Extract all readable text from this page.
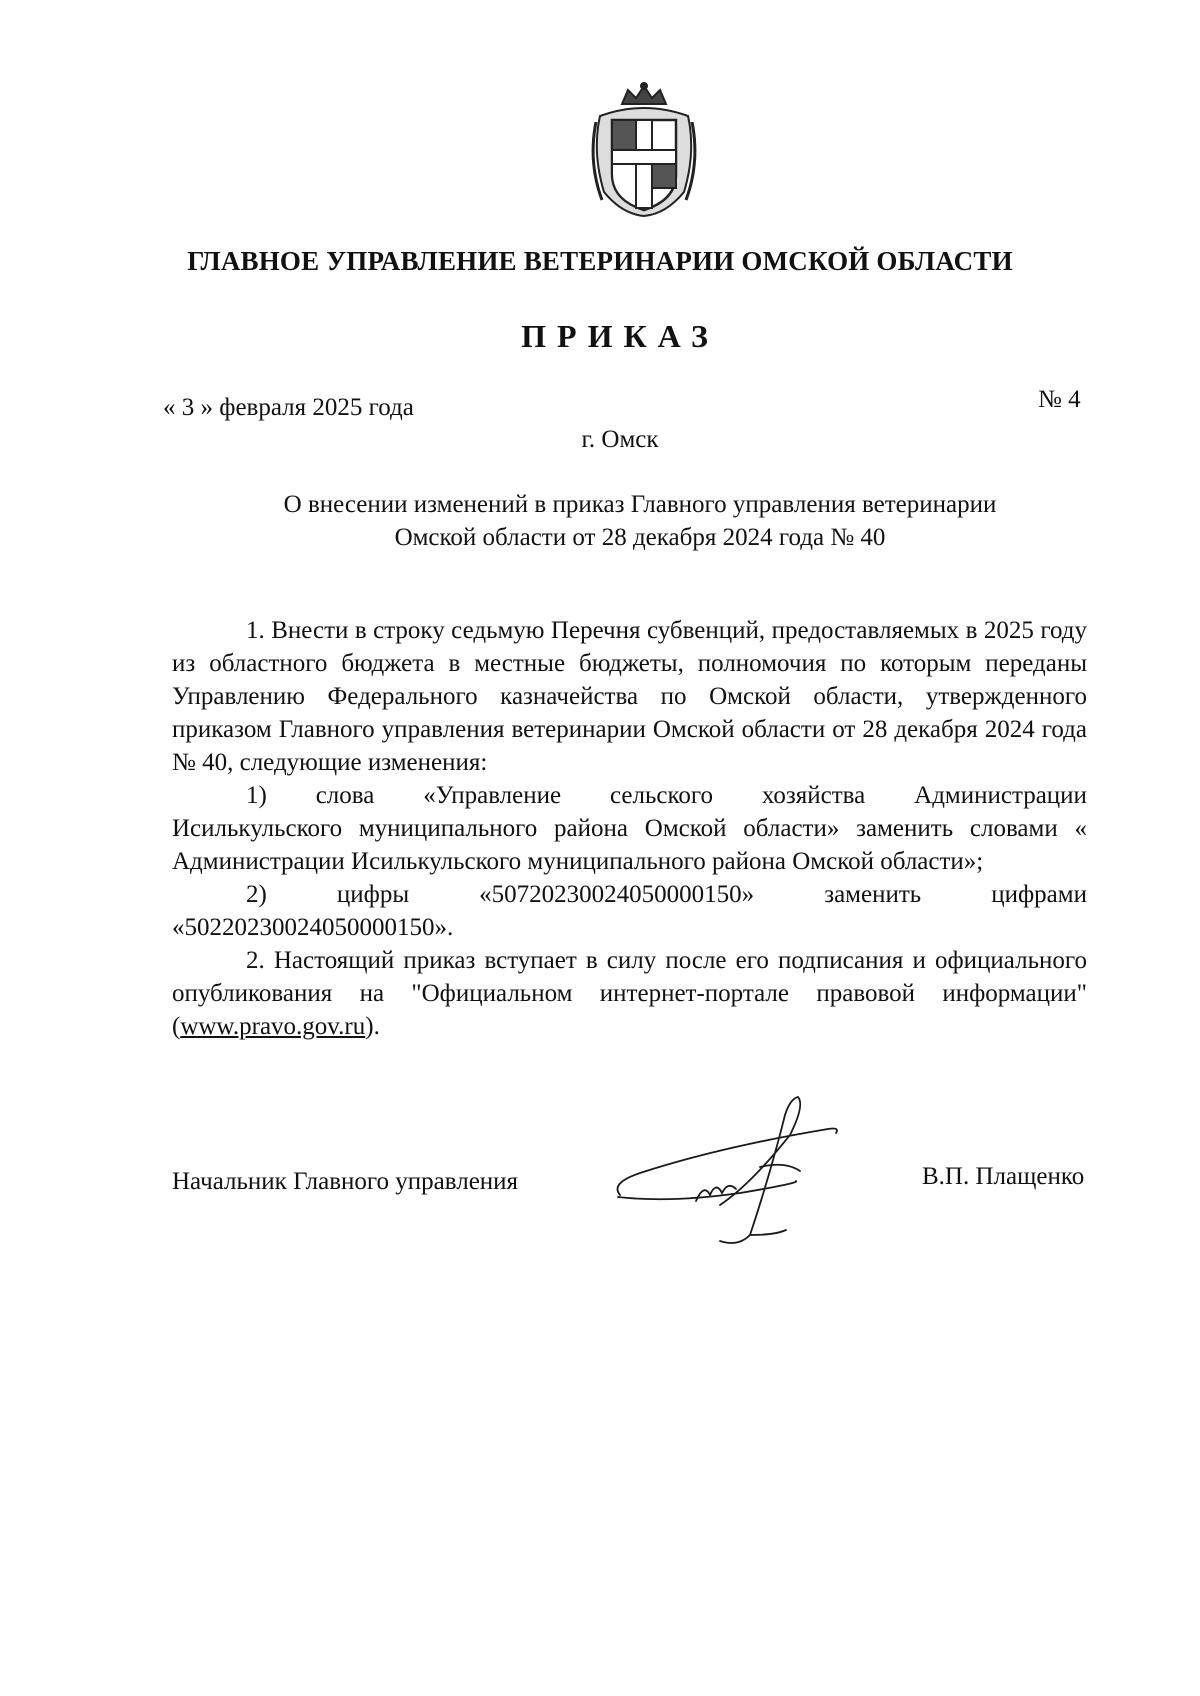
ГЛАВНОЕ УПРАВЛЕНИЕ ВЕТЕРИНАРИИ ОМСКОЙ ОБЛАСТИ
ПРИКАЗ
« 3 » февраля 2025 года	№ 4
г. Омск
О внесении изменений в приказ Главного управления ветеринарии
Омской области от 28 декабря 2024 года № 40

1. Внести в строку седьмую Перечня субвенций, предоставляемых в 2025 году из областного бюджета в местные бюджеты, полномочия по которым переданы Управлению Федерального казначейства по Омской области, утвержденного приказом Главного управления ветеринарии Омской области от 28 декабря 2024 года № 40, следующие изменения:

1) слова «Управление сельского хозяйства Администрации

Исилькульского муниципального района Омской области» заменить словами « Администрации Исилькульского муниципального района Омской области»;

2)	цифры	«50720230024050000150»	заменить	цифрами

«50220230024050000150».

2. Настоящий приказ вступает в силу после его подписания и официального опубликования на "Официальном интернет-портале правовой информации" (www.pravo.gov.ru).

Начальник Главного управления	В.П. Плащенко
